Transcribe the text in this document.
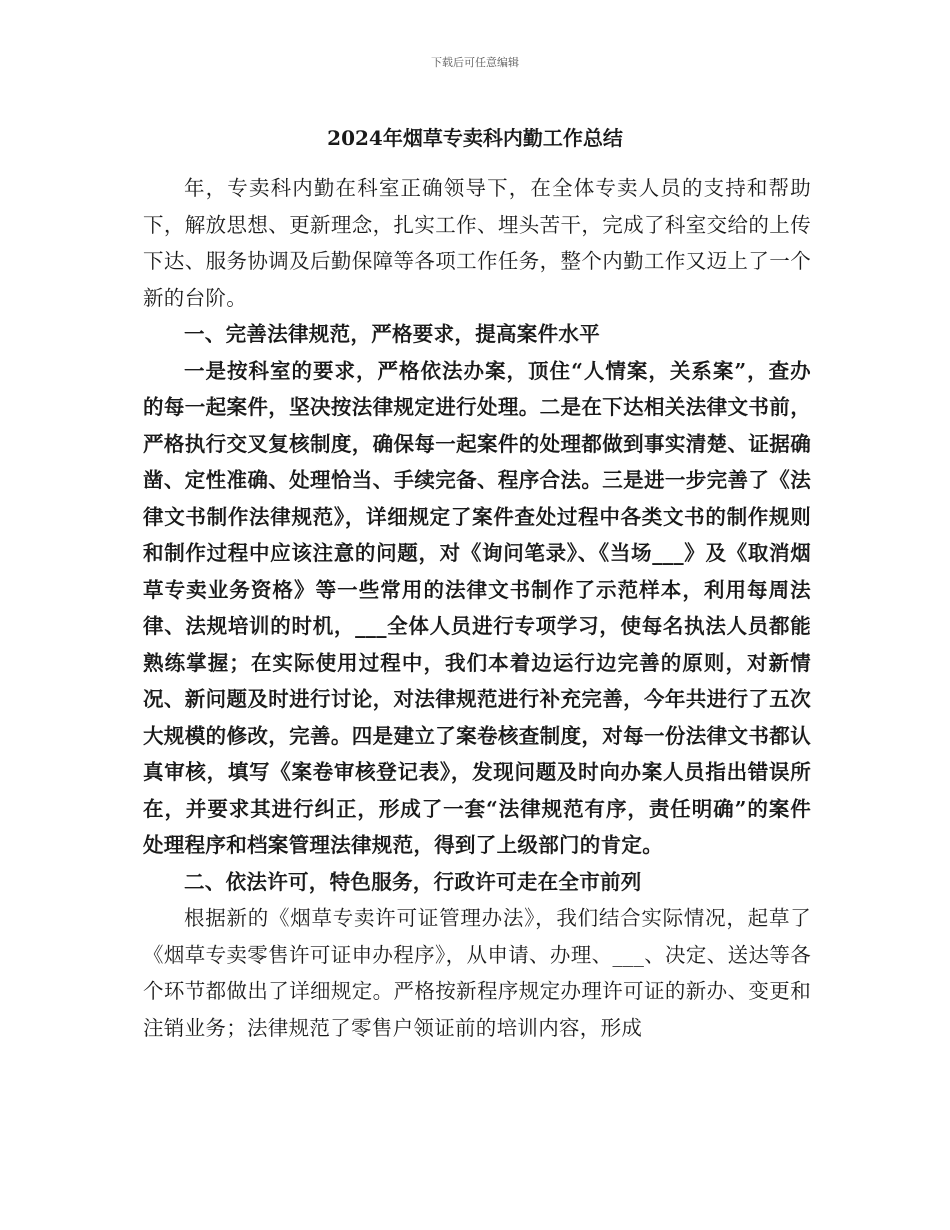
下载后可任意编辑
2024年烟草专卖科内勤工作总结

年，专卖科内勤在科室正确领导下，在全体专卖人员的支持和帮助下，解放思想、更新理念，扎实工作、埋头苦干，完成了科室交给的上传下达、服务协调及后勤保障等各项工作任务，整个内勤工作又迈上了一个新的台阶。

一、完善法律规范，严格要求，提高案件水平

一是按科室的要求，严格依法办案，顶住“人情案，关系案”，查办的每一起案件，坚决按法律规定进行处理。二是在下达相关法律文书前，严格执行交叉复核制度，确保每一起案件的处理都做到事实清楚、证据确凿、定性准确、处理恰当、手续完备、程序合法。三是进一步完善了《法律文书制作法律规范》，详细规定了案件查处过程中各类文书的制作规则和制作过程中应该注意的问题，对《询问笔录》、《当场___》及《取消烟草专卖业务资格》等一些常用的法律文书制作了示范样本，利用每周法律、法规培训的时机，___全体人员进行专项学习，使每名执法人员都能熟练掌握；在实际使用过程中，我们本着边运行边完善的原则，对新情况、新问题及时进行讨论，对法律规范进行补充完善，今年共进行了五次大规模的修改，完善。四是建立了案卷核查制度，对每一份法律文书都认真审核，填写《案卷审核登记表》，发现问题及时向办案人员指出错误所在，并要求其进行纠正，形成了一套“法律规范有序，责任明确”的案件处理程序和档案管理法律规范，得到了上级部门的肯定。

二、依法许可，特色服务，行政许可走在全市前列

根据新的《烟草专卖许可证管理办法》，我们结合实际情况，起草了《烟草专卖零售许可证申办程序》，从申请、办理、___、决定、送达等各个环节都做出了详细规定。严格按新程序规定办理许可证的新办、变更和注销业务；法律规范了零售户领证前的培训内容，形成
